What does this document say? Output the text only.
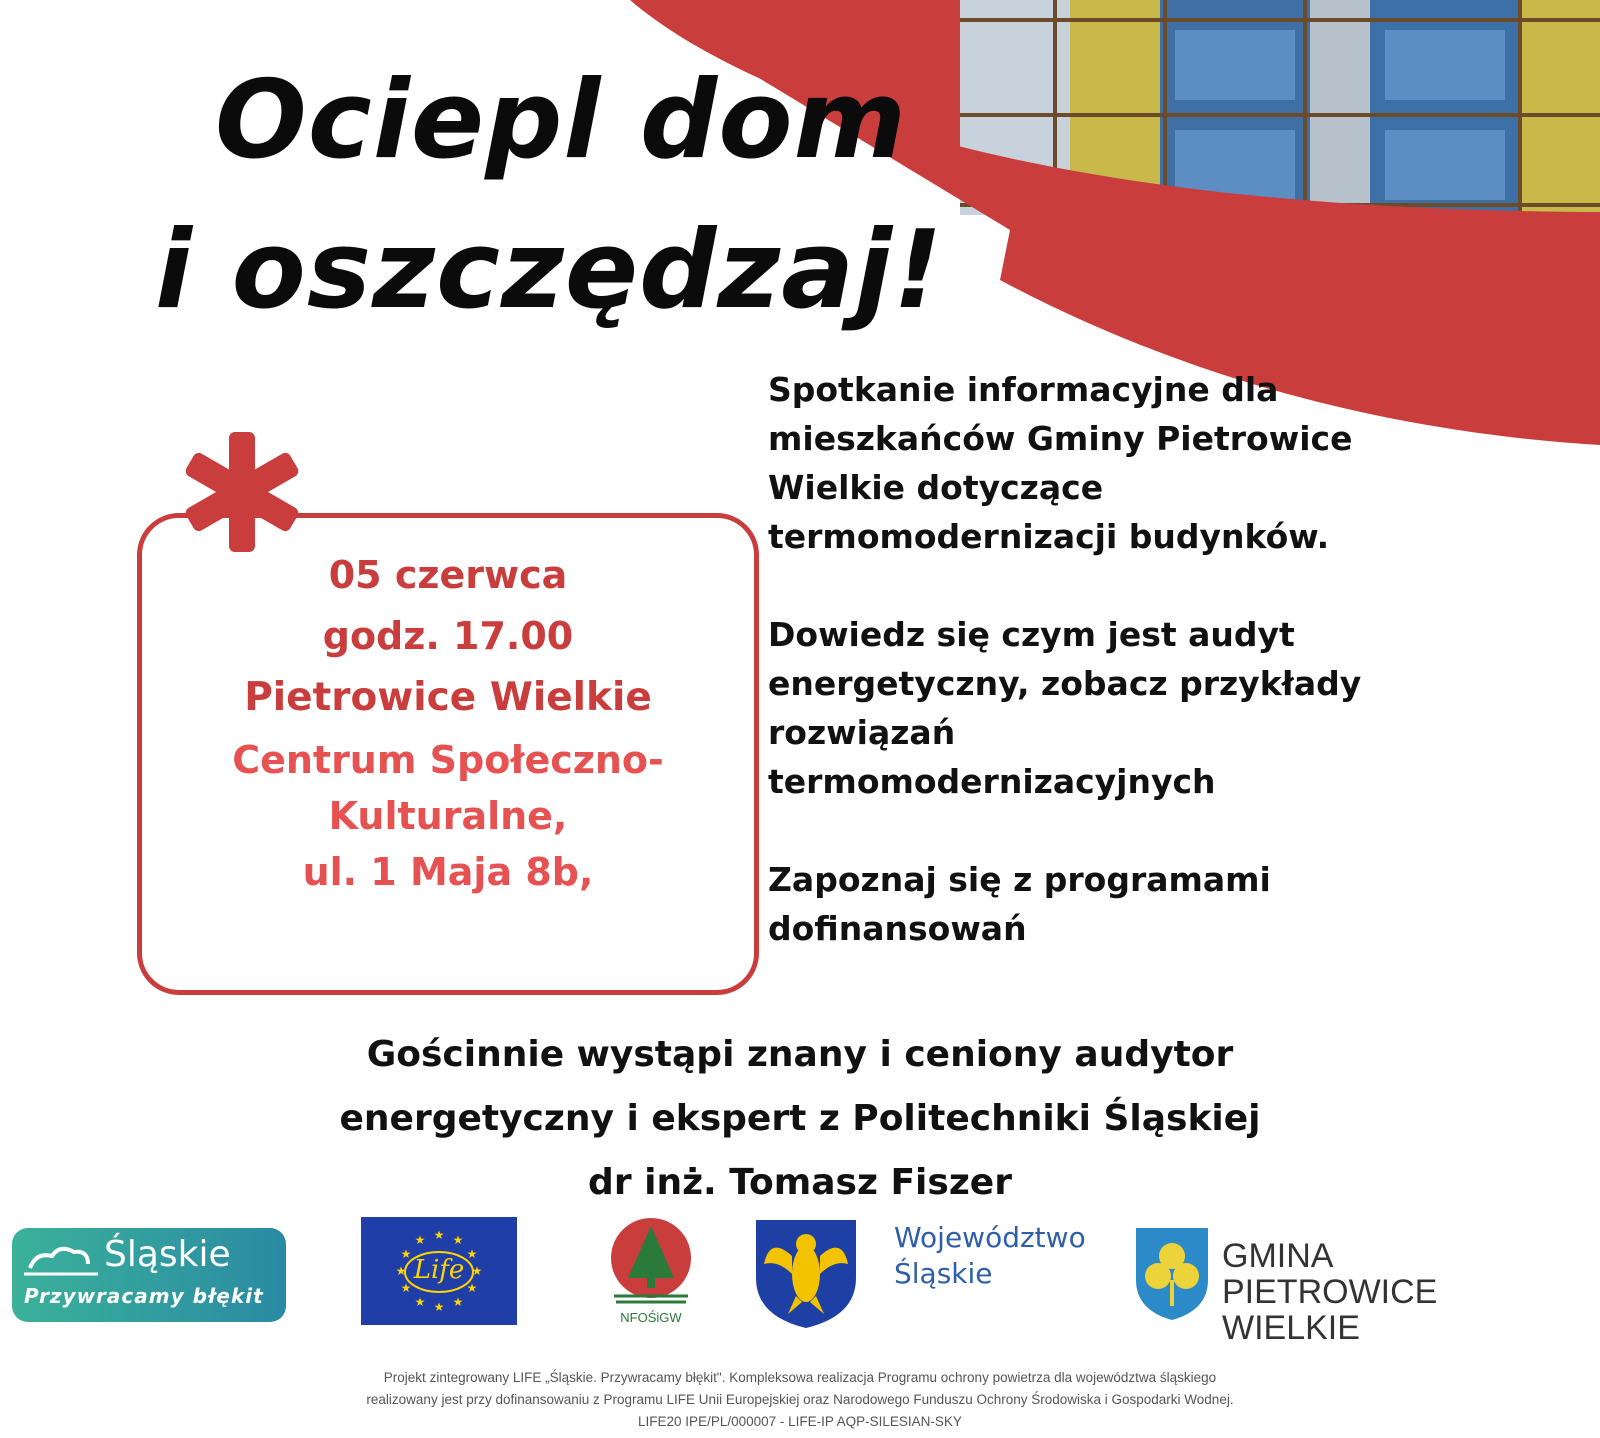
Ociepl dom
i oszczędzaj!

Spotkanie informacyjne dla
mieszkańców Gminy Pietrowice
Wielkie dotyczące
termomodernizacji budynków.

Dowiedz się czym jest audyt
energetyczny, zobacz przykłady
rozwiązań
termomodernizacyjnych

Zapoznaj się z programami
dofinansowań

05 czerwca
godz. 17.00
Pietrowice Wielkie
Centrum Społeczno-
Kulturalne,
ul. 1 Maja 8b,
Gościnnie wystąpi znany i ceniony audytor
energetyczny i ekspert z Politechniki Śląskiej
dr inż. Tomasz Fiszer
Śląskie
Przywracamy błękit
★ ★
★
★
★
★
★
★
★
★
★
★
Life
NFOŚiGW
Województwo
Śląskie	GMINA
PIETROWICE WIELKIE
Projekt zintegrowany LIFE „Śląskie. Przywracamy błękit". Kompleksowa realizacja Programu ochrony powietrza dla województwa śląskiego
realizowany jest przy dofinansowaniu z Programu LIFE Unii Europejskiej oraz Narodowego Funduszu Ochrony Środowiska i Gospodarki Wodnej.
LIFE20 IPE/PL/000007 - LIFE-IP AQP-SILESIAN-SKY
